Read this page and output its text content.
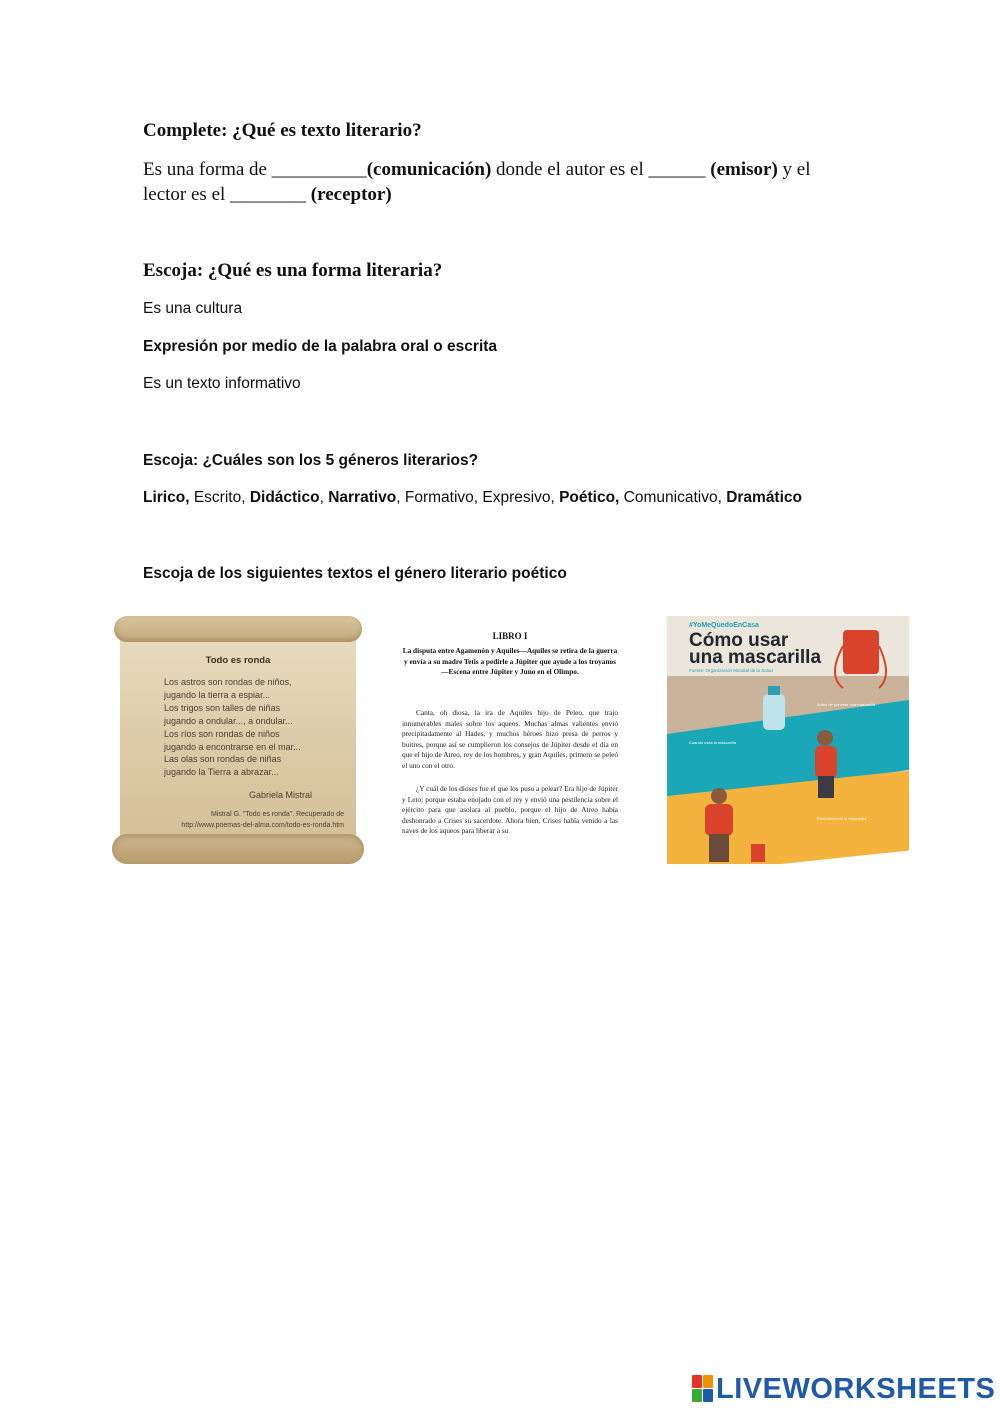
Complete: ¿Qué es texto literario?
Es una forma de __________(comunicación) donde el autor es el ______ (emisor) y el
lector es el ________ (receptor)
Escoja: ¿Qué es una forma literaria?
Es una cultura
Expresión por medio de la palabra oral o escrita
Es un texto informativo
Escoja: ¿Cuáles son los 5 géneros literarios?
Lirico, Escrito, Didáctico, Narrativo, Formativo, Expresivo, Poético, Comunicativo, Dramático
Escoja de los siguientes textos el género literario poético
Todo es ronda
Los astros son rondas de niños,
jugando la tierra a espiar...
Los trigos son talles de niñas
jugando a ondular..., a ondular...
Los ríos son rondas de niños
jugando a encontrarse en el mar...
Las olas son rondas de niñas
jugando la Tierra a abrazar...
Gabriela Mistral
Mistral G. "Todo es ronda". Recuperado de
http://www.poemas-del-alma.com/todo-es-ronda.htm
LIBRO I
La disputa entre Agamenón y Aquiles—Aquiles se retira de la guerra y envía a su madre Tetis a pedirle a Júpiter que ayude a los troyanos—Escena entre Júpiter y Juno en el Olimpo.
Canta, oh diosa, la ira de Aquiles hijo de Peleo, que trajo innumerables males sobre los aqueos. Muchas almas valientes envió precipitadamente al Hades, y muchos héroes hizo presa de perros y buitres, porque así se cumplieron los consejos de Júpiter desde el día en que el hijo de Atreo, rey de los hombres, y gran Aquiles, primero se peleó el uno con el otro.
¿Y cuál de los dioses fue el que los puso a pelear? Era hijo de Júpiter y Leto; porque estaba enojado con el rey y envió una pestilencia sobre el ejército para que asolara al pueblo, porque el hijo de Atreo había deshonrado a Crises su sacerdote. Ahora bien, Crises había venido a las naves de los aqueos para liberar a su
#YoMeQuedoEnCasa
Cómo usar
una mascarilla
Fuente: Organización Mundial de la Salud
Antes de ponerse una mascarilla
Cuando usas la mascarilla
Para desechar la mascarilla
LIVEWORKSHEETS
